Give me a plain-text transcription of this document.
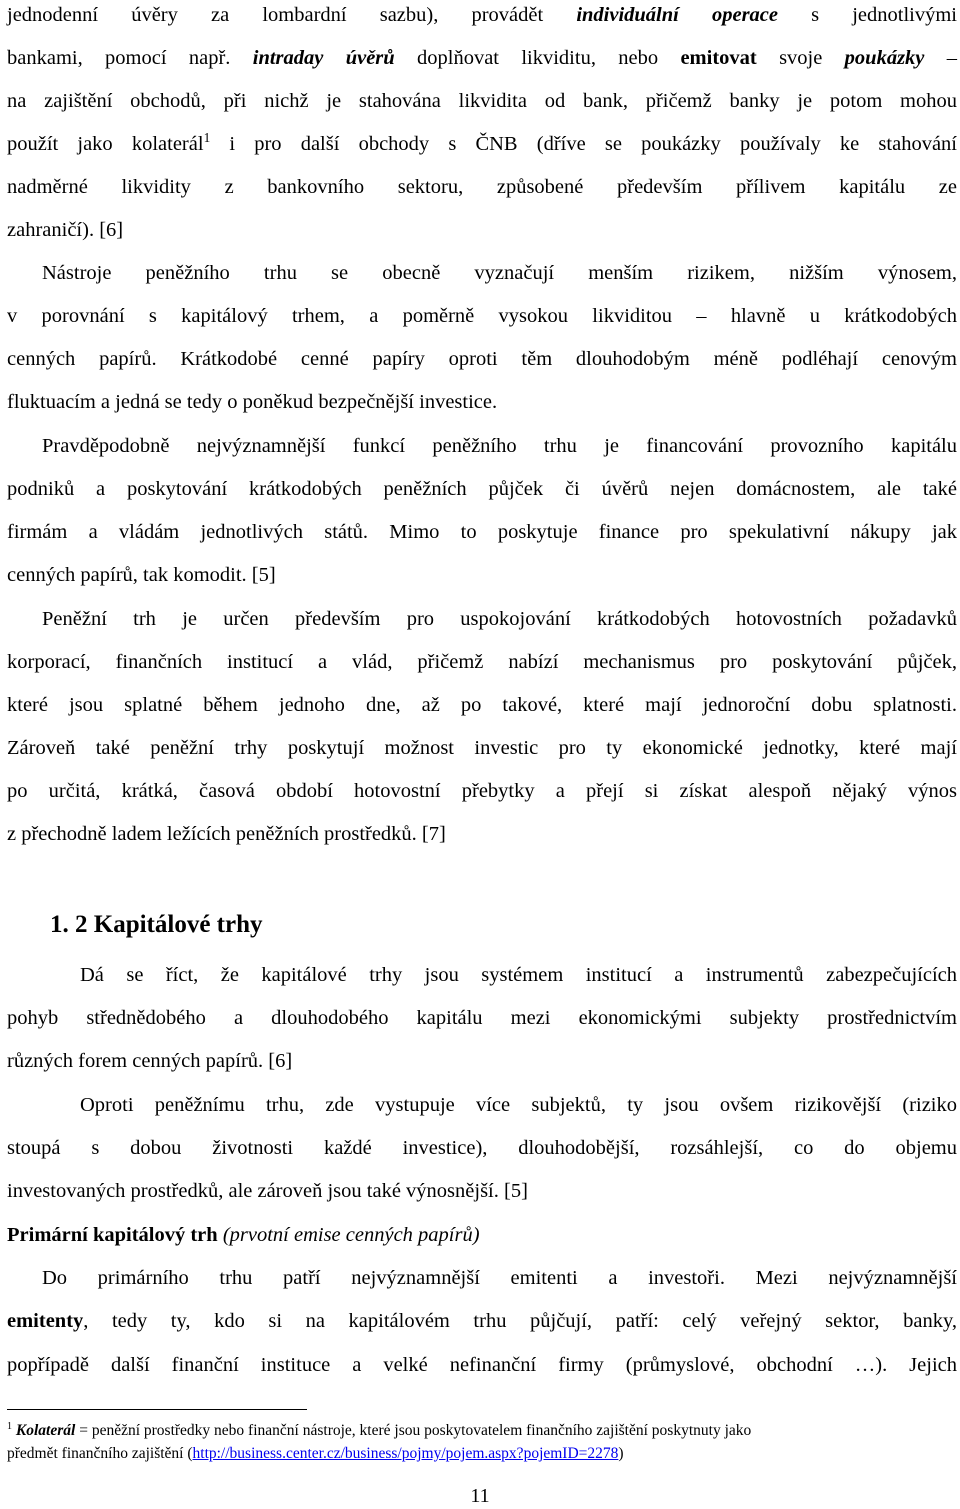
jednodenní úvěry za lombardní sazbu), provádět individuální operace s jednotlivými
bankami, pomocí např. intraday úvěrů doplňovat likviditu, nebo emitovat svoje poukázky –
na zajištění obchodů, při nichž je stahována likvidita od bank, přičemž banky je potom mohou
použít jako kolaterál$^1$ i pro další obchody s ČNB (dříve se poukázky používaly ke stahování
nadměrné likvidity z bankovního sektoru, způsobené především přílivem kapitálu ze
zahraničí). [6]
Nástroje peněžního trhu se obecně vyznačují menším rizikem, nižším výnosem,
v porovnání s kapitálový trhem, a poměrně vysokou likviditou – hlavně u krátkodobých
cenných papírů. Krátkodobé cenné papíry oproti těm dlouhodobým méně podléhají cenovým
fluktuacím a jedná se tedy o poněkud bezpečnější investice.
Pravděpodobně nejvýznamnější funkcí peněžního trhu je financování provozního kapitálu
podniků a poskytování krátkodobých peněžních půjček či úvěrů nejen domácnostem, ale také
firmám a vládám jednotlivých států. Mimo to poskytuje finance pro spekulativní nákupy jak
cenných papírů, tak komodit. [5]
Peněžní trh je určen především pro uspokojování krátkodobých hotovostních požadavků
korporací, finančních institucí a vlád, přičemž nabízí mechanismus pro poskytování půjček,
které jsou splatné během jednoho dne, až po takové, které mají jednoroční dobu splatnosti.
Zároveň také peněžní trhy poskytují možnost investic pro ty ekonomické jednotky, které mají
po určitá, krátká, časová období hotovostní přebytky a přejí si získat alespoň nějaký výnos
z přechodně ladem ležících peněžních prostředků. [7]
Dá se říct, že kapitálové trhy jsou systémem institucí a instrumentů zabezpečujících
pohyb střednědobého a dlouhodobého kapitálu mezi ekonomickými subjekty prostřednictvím
různých forem cenných papírů. [6]
Oproti peněžnímu trhu, zde vystupuje více subjektů, ty jsou ovšem rizikovější (riziko
stoupá s dobou životnosti každé investice), dlouhodobější, rozsáhlejší, co do objemu
investovaných prostředků, ale zároveň jsou také výnosnější. [5]
Primární kapitálový trh (prvotní emise cenných papírů)
Do primárního trhu patří nejvýznamnější emitenti a investoři. Mezi nejvýznamnější
emitenty, tedy ty, kdo si na kapitálovém trhu půjčují, patří: celý veřejný sektor, banky,
popřípadě další finanční instituce a velké nefinanční firmy (průmyslové, obchodní …). Jejich
1. 2 Kapitálové trhy
$^1$ Kolaterál = peněžní prostředky nebo finanční nástroje, které jsou poskytovatelem finančního zajištění poskytnuty jako
předmět finančního zajištění (http://business.center.cz/business/pojmy/pojem.aspx?pojemID=2278)
11
